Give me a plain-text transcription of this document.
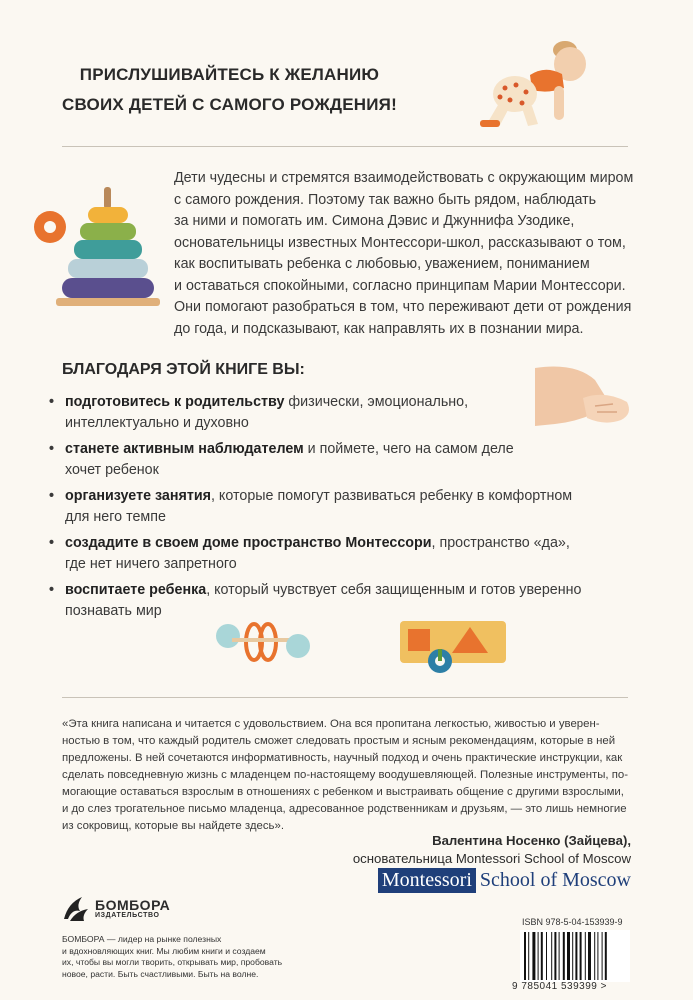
ПРИСЛУШИВАЙТЕСЬ К ЖЕЛАНИЮ
СВОИХ ДЕТЕЙ С САМОГО РОЖДЕНИЯ!
Дети чудесны и стремятся взаимодействовать с окружающим миром
с самого рождения. Поэтому так важно быть рядом, наблюдать
за ними и помогать им. Симона Дэвис и Джуннифа Узодике,
основательницы известных Монтессори-школ, рассказывают о том,
как воспитывать ребенка с любовью, уважением, пониманием
и оставаться спокойными, согласно принципам Марии Монтессори.
Они помогают разобраться в том, что переживают дети от рождения
до года, и подсказывают, как направлять их в познании мира.
БЛАГОДАРЯ ЭТОЙ КНИГЕ ВЫ:
• подготовитесь к родительству физически, эмоционально,
интеллектуально и духовно
• станете активным наблюдателем и поймете, чего на самом деле
хочет ребенок
• организуете занятия, которые помогут развиваться ребенку в комфортном
для него темпе
• создадите в своем доме пространство Монтессори, пространство «да»,
где нет ничего запретного
• воспитаете ребенка, который чувствует себя защищенным и готов уверенно
познавать мир
«Эта книга написана и читается с удовольствием. Она вся пропитана легкостью, живостью и уверен-
ностью в том, что каждый родитель сможет следовать простым и ясным рекомендациям, которые в ней
предложены. В ней сочетаются информативность, научный подход и очень практические инструкции, как
сделать повседневную жизнь с младенцем по-настоящему воодушевляющей. Полезные инструменты, по-
могающие оставаться взрослым в отношениях с ребенком и выстраивать общение с другими взрослыми,
и до слез трогательное письмо младенца, адресованное родственникам и друзьям, — это лишь немногие
из сокровищ, которые вы найдете здесь».
Валентина Носенко (Зайцева),
основательница Montessori School of Moscow
Montessori School of Moscow
БОМБОРА
ИЗДАТЕЛЬСТВО
БОМБОРА — лидер на рынке полезных
и вдохновляющих книг. Мы любим книги и создаем
их, чтобы вы могли творить, открывать мир, пробовать
новое, расти. Быть счастливыми. Быть на волне.
ISBN 978-5-04-153939-9
9 785041 539399 >
